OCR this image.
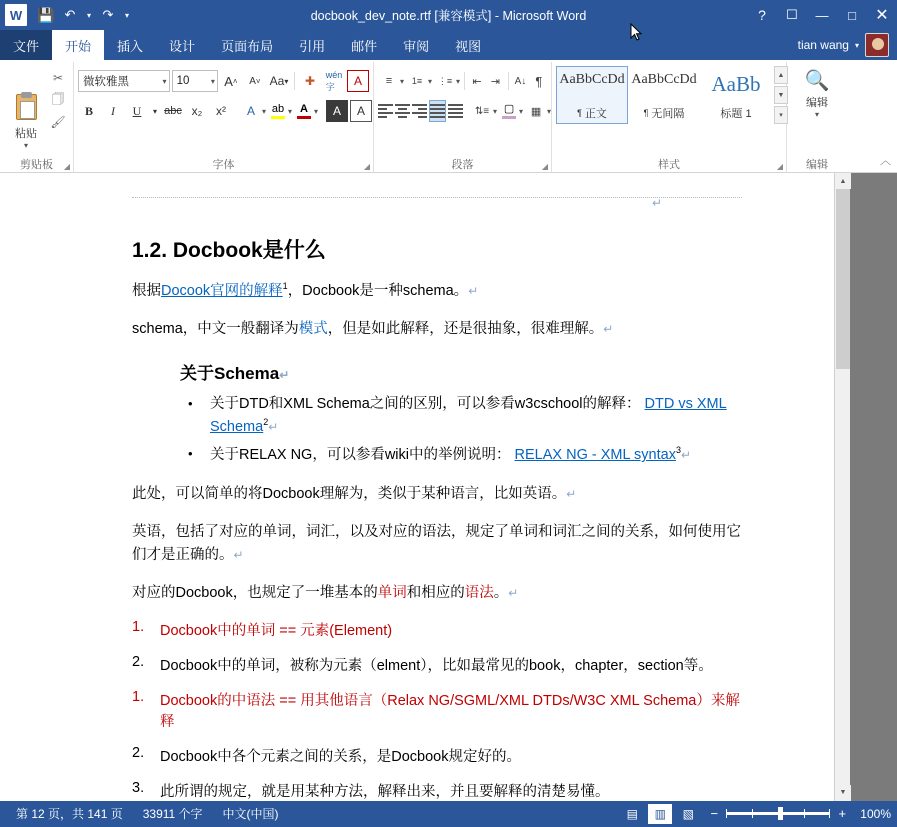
W	💾 ↶	▾ ↷	▾	docbook_dev_note.rtf [兼容模式] - Microsoft Word	?	☐	—	□	✕
文件	开始	插入	设计	页面布局	引用	邮件	审阅	视图	tian wang ▾
粘贴
▾
✂
🗍
🖌
剪贴板	◢
微软雅黑	▾ 10	▾ A ˄	A ˅ Aa ▾	✚	wén
字	A
B	I	U	▾ abc x₂	x²	A ▾ ab ▾ A ▾	A	A
字体	◢
≡ ▾ 1≡ ▾ ⋮≡ ▾	⇤ ⇥	A↓ ¶
⇅≡ ▾ ▢ ▾ ▦ ▾
段落	◢
AaBbCcDd
¶ 正文
AaBbCcDd
¶ 无间隔
AaBb
标题 1
▲
▼
▾
样式	◢
🔍
编辑
▾
编辑	︿
↵

1.2. Docbook是什么

根据Docook官网的解释$^1$，Docbook是一种schema。↵

schema，中文一般翻译为模式，但是如此解释，还是很抽象，很难理解。↵

关于Schema↵

• 关于DTD和XML Schema之间的区别，可以参看w3cschool的解释： DTD vs XML Schema$^2$↵
• 关于RELAX NG，可以参看wiki中的举例说明： RELAX NG - XML syntax$^3$↵

此处，可以简单的将Docbook理解为，类似于某种语言，比如英语。↵

英语，包括了对应的单词，词汇，以及对应的语法，规定了单词和词汇之间的关系，如何使用它们才是正确的。↵

对应的Docbook，也规定了一堆基本的单词和相应的语法。↵

1.	Docbook中的单词 == 元素(Element)
2.	Docbook中的单词，被称为元素（elment），比如最常见的book，chapter，section等。
1.	Docbook的中语法 == 用其他语言（Relax NG/SGML/XML DTDs/W3C XML Schema）来解释
2.	Docbook中各个元素之间的关系，是Docbook规定好的。
3.	此所谓的规定，就是用某种方法，解释出来，并且要解释的清楚易懂。
▲
▼
第 12 页，共 141 页	33911 个字	中文(中国)	▤	▥	▧	−	+	100%
